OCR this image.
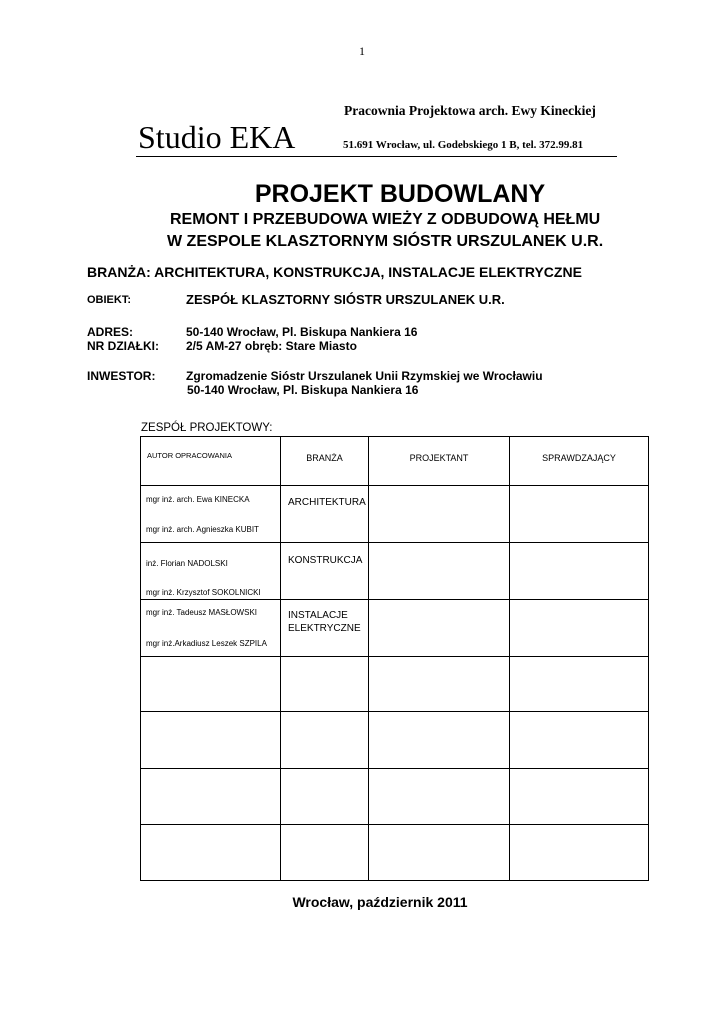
1
Pracownia Projektowa arch. Ewy Kineckiej
Studio EKA	51.691 Wrocław, ul. Godebskiego 1 B, tel. 372.99.81
PROJEKT BUDOWLANY
REMONT I PRZEBUDOWA WIEŻY Z ODBUDOWĄ HEŁMU
W ZESPOLE KLASZTORNYM SIÓSTR URSZULANEK U.R.
BRANŻA: ARCHITEKTURA, KONSTRUKCJA, INSTALACJE ELEKTRYCZNE
OBIEKT:	ZESPÓŁ KLASZTORNY SIÓSTR URSZULANEK U.R.
ADRES:	50-140 Wrocław, Pl. Biskupa Nankiera 16
NR DZIAŁKI: 2/5 AM-27 obręb: Stare Miasto
INWESTOR:	Zgromadzenie Sióstr Urszulanek Unii Rzymskiej we Wrocławiu
50-140 Wrocław, Pl. Biskupa Nankiera 16
ZESPÓŁ PROJEKTOWY:
AUTOR OPRACOWANIA	BRANŻA	PROJEKTANT	SPRAWDZAJĄCY

mgr inż. arch. Ewa KINECKA
mgr inż. arch. Agnieszka KUBIT	ARCHITEKTURA		

inż. Florian NADOLSKI
mgr inż. Krzysztof SOKOLNICKI	KONSTRUKCJA		

mgr inż. Tadeusz MASŁOWSKI
mgr inż.Arkadiusz Leszek SZPILA	INSTALACJE
ELEKTRYCZNE		

Wrocław, październik 2011
